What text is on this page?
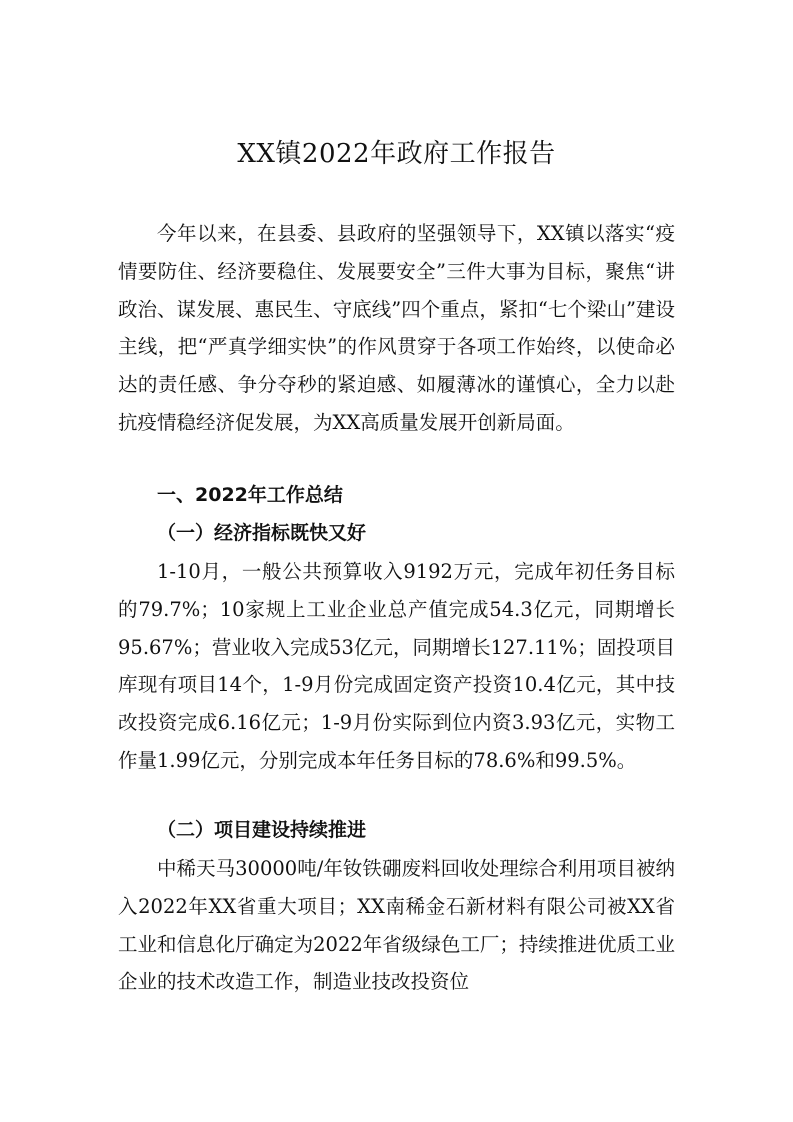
XX镇2022年政府工作报告

今年以来，在县委、县政府的坚强领导下，XX镇以落实“疫情要防住、经济要稳住、发展要安全”三件大事为目标，聚焦“讲政治、谋发展、惠民生、守底线”四个重点，紧扣“七个梁山”建设主线，把“严真学细实快”的作风贯穿于各项工作始终，以使命必达的责任感、争分夺秒的紧迫感、如履薄冰的谨慎心，全力以赴抗疫情稳经济促发展，为XX高质量发展开创新局面。

一、2022年工作总结
（一）经济指标既快又好

1-10月，一般公共预算收入9192万元，完成年初任务目标的79.7%；10家规上工业企业总产值完成54.3亿元，同期增长95.67%；营业收入完成53亿元，同期增长127.11%；固投项目库现有项目14个，1-9月份完成固定资产投资10.4亿元，其中技改投资完成6.16亿元；1-9月份实际到位内资3.93亿元，实物工作量1.99亿元，分别完成本年任务目标的78.6%和99.5%。

（二）项目建设持续推进

中稀天马30000吨/年钕铁硼废料回收处理综合利用项目被纳入2022年XX省重大项目；XX南稀金石新材料有限公司被XX省工业和信息化厅确定为2022年省级绿色工厂；持续推进优质工业企业的技术改造工作，制造业技改投资位
